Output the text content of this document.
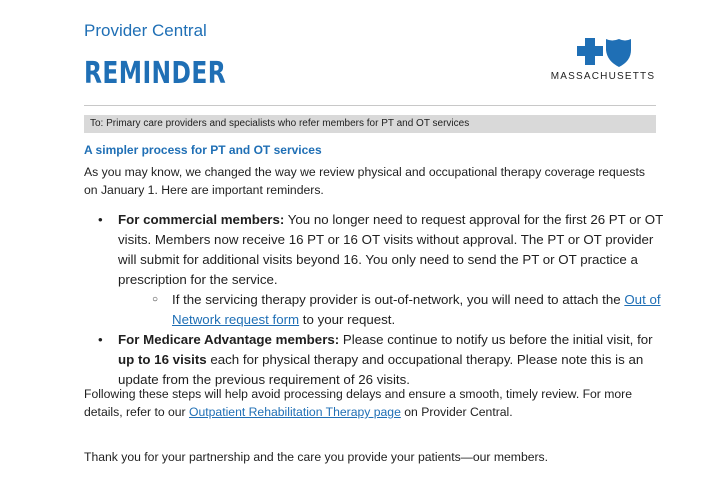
Provider Central
REMINDER	MASSACHUSETTS
To: Primary care providers and specialists who refer members for PT and OT services
A simpler process for PT and OT services
As you may know, we changed the way we review physical and occupational therapy coverage requests on January 1. Here are important reminders.
• For commercial members: You no longer need to request approval for the first 26 PT or OT visits. Members now receive 16 PT or 16 OT visits without approval. The PT or OT provider will submit for additional visits beyond 16. You only need to send the PT or OT practice a prescription for the service.
○ If the servicing therapy provider is out-of-network, you will need to attach the Out of Network request form to your request.
• For Medicare Advantage members: Please continue to notify us before the initial visit, for up to 16 visits each for physical therapy and occupational therapy. Please note this is an update from the previous requirement of 26 visits.
Following these steps will help avoid processing delays and ensure a smooth, timely review. For more details, refer to our Outpatient Rehabilitation Therapy page on Provider Central.
Thank you for your partnership and the care you provide your patients—our members.
